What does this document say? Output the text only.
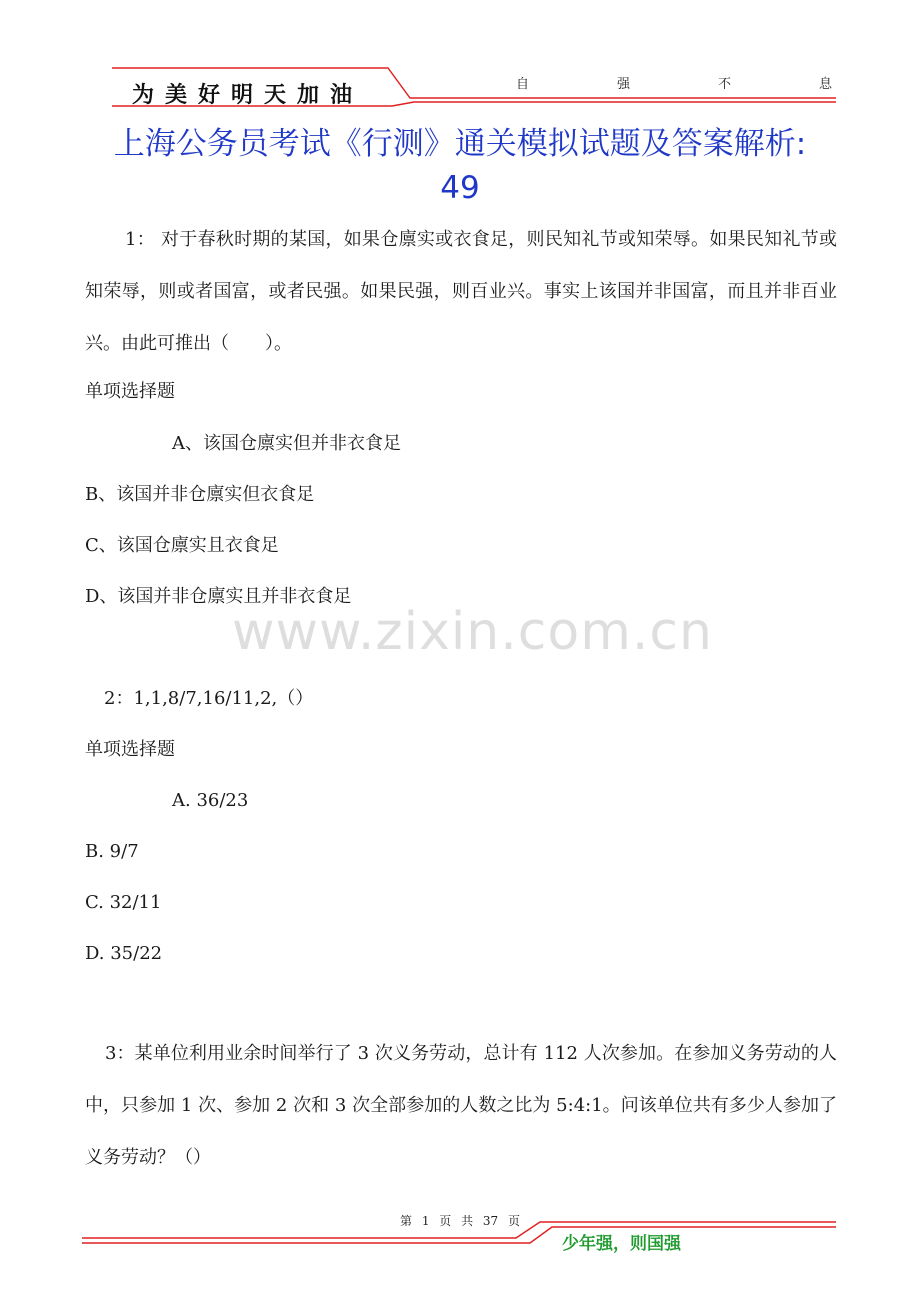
为美好明天加油	自	强	不	息
上海公务员考试《行测》通关模拟试题及答案解析:
49
1： 对于春秋时期的某国，如果仓廪实或衣食足，则民知礼节或知荣辱。如果民知礼节或知荣辱，则或者国富，或者民强。如果民强，则百业兴。事实上该国并非国富，而且并非百业兴。由此可推出（　　）。
单项选择题
A、该国仓廪实但并非衣食足
B、该国并非仓廪实但衣食足
C、该国仓廪实且衣食足
D、该国并非仓廪实且并非衣食足
www.zixin.com.cn
2：1,1,8/7,16/11,2,（）
单项选择题
A. 36/23
B. 9/7
C. 32/11
D. 35/22
3：某单位利用业余时间举行了 3 次义务劳动，总计有 112 人次参加。在参加义务劳动的人中，只参加 1 次、参加 2 次和 3 次全部参加的人数之比为 5:4:1。问该单位共有多少人参加了义务劳动？（）
第 1 页 共 37 页
少年强，则国强
